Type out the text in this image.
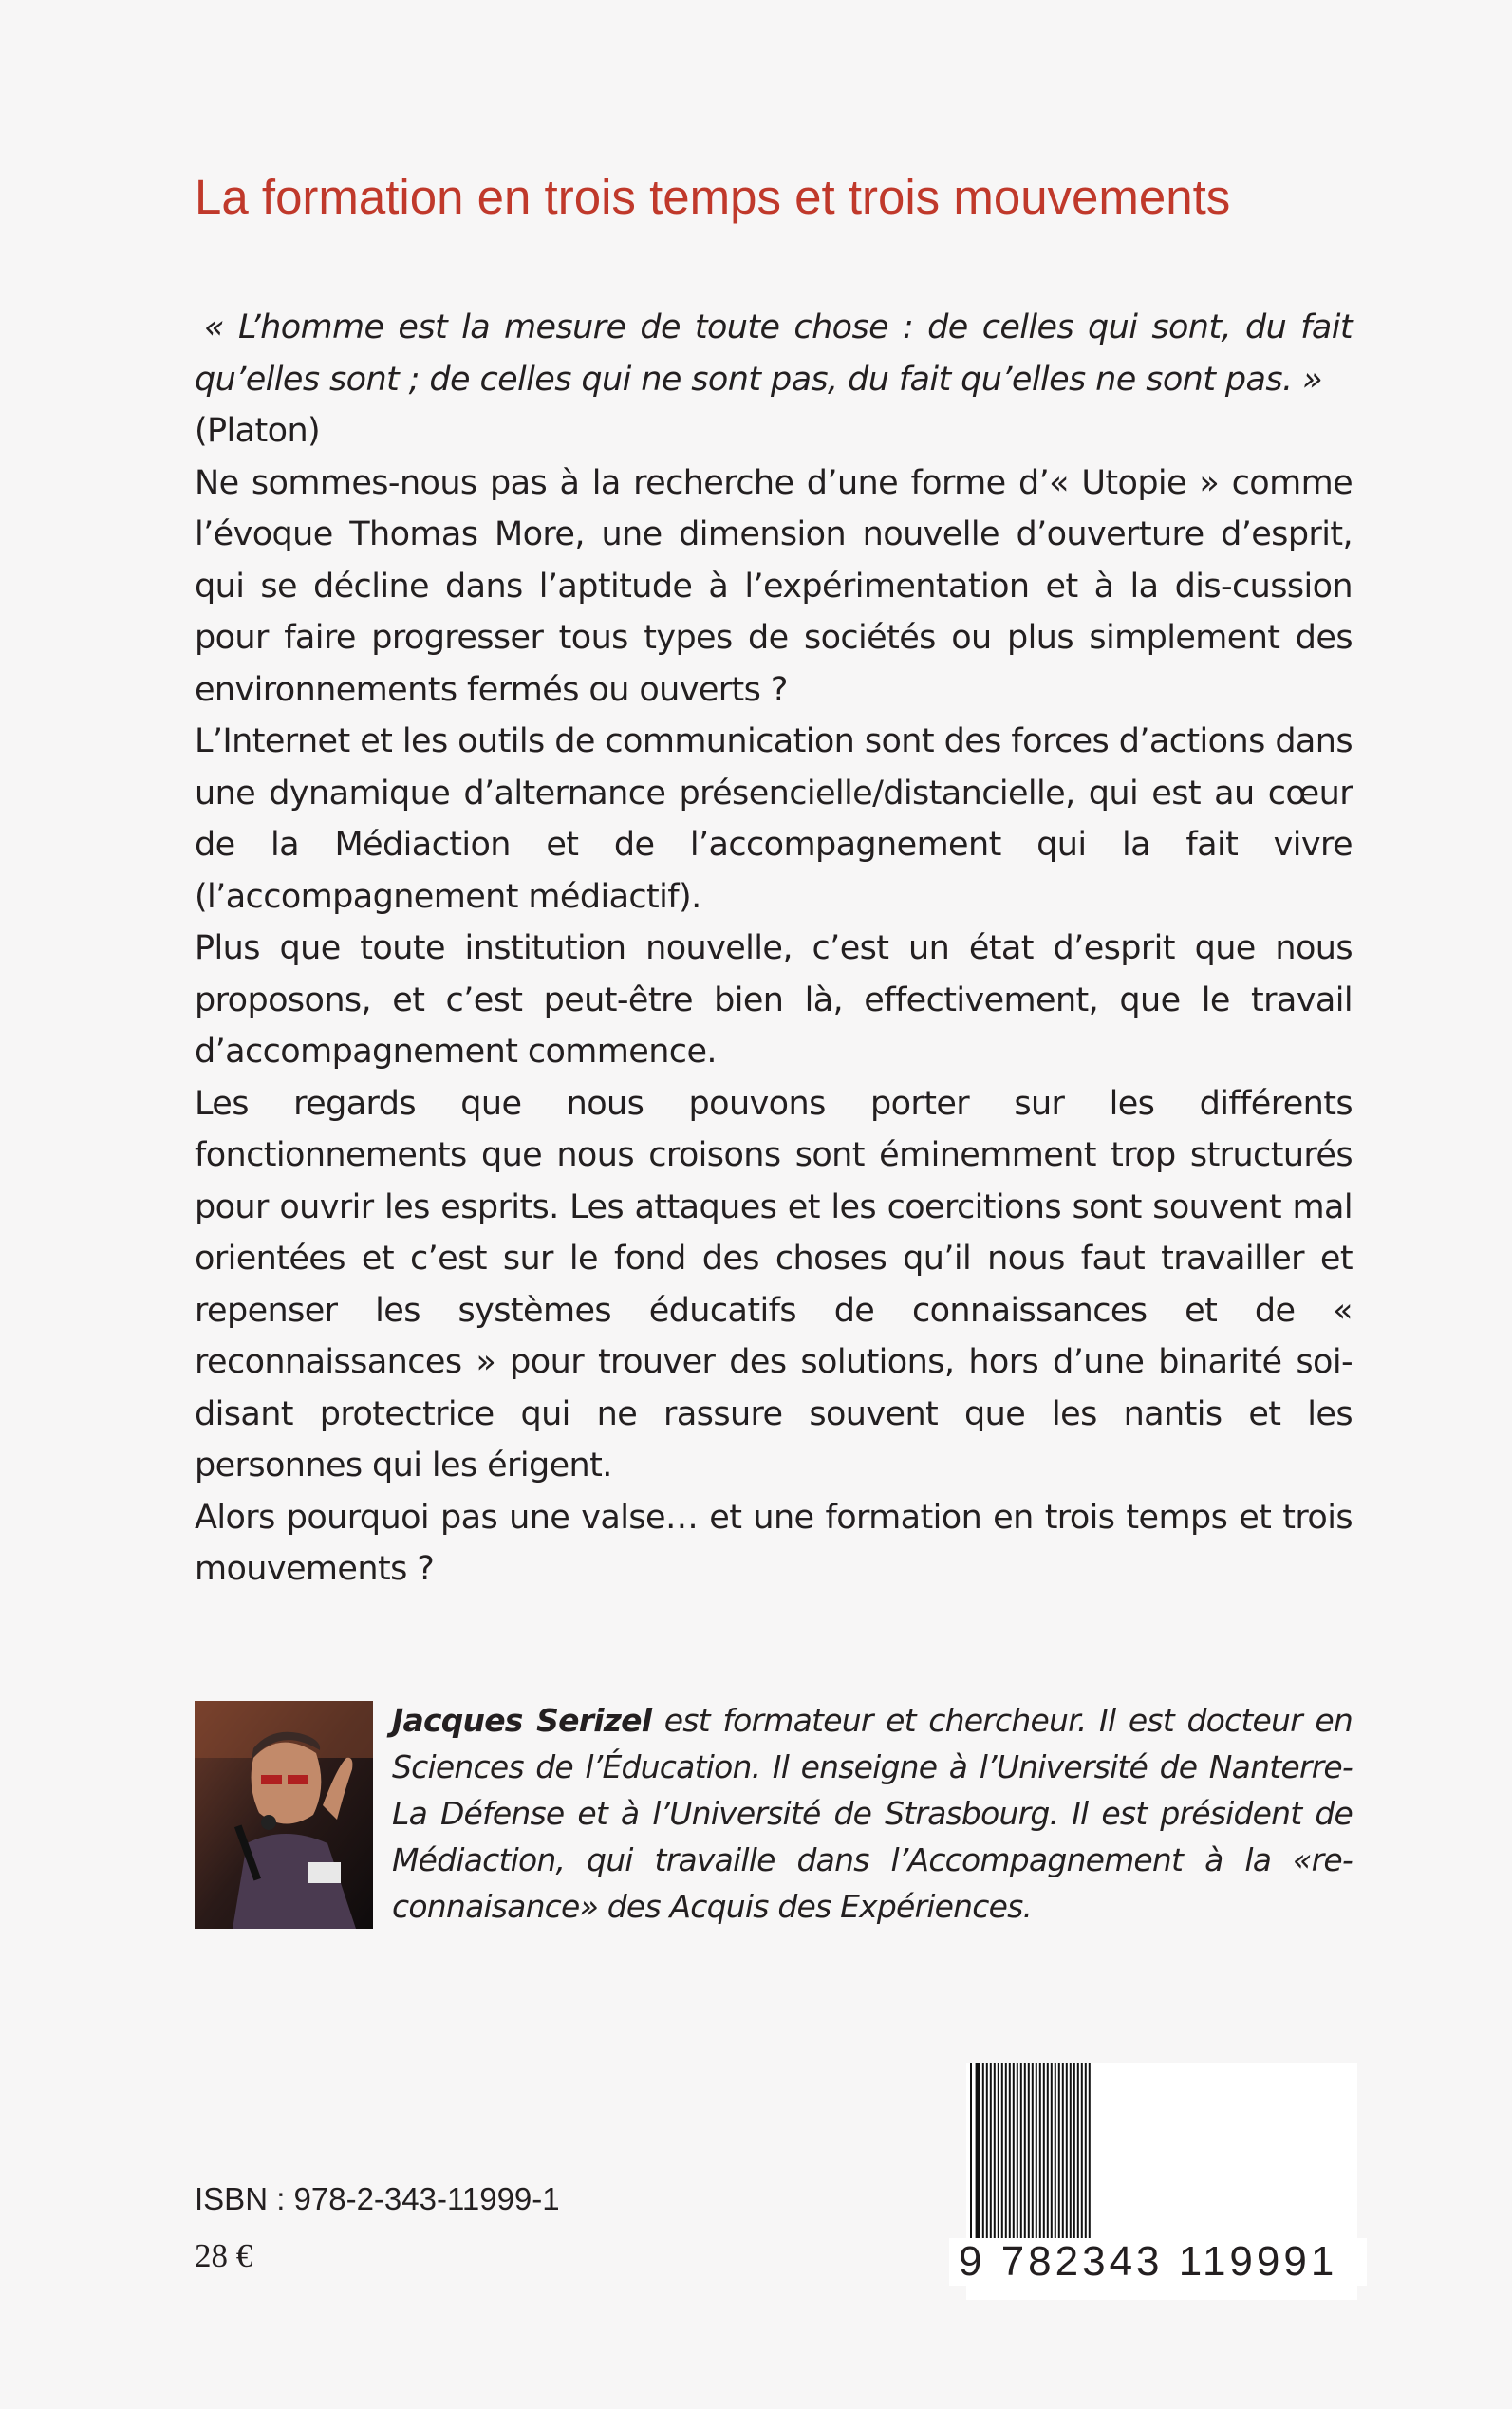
La formation en trois temps et trois mouvements

« L’homme est la mesure de toute chose : de celles qui sont, du fait qu’elles sont ; de celles qui ne sont pas, du fait qu’elles ne sont pas. »

(Platon)

Ne sommes-nous pas à la recherche d’une forme d’« Utopie » comme l’évoque Thomas More, une dimension nouvelle d’ouverture d’esprit, qui se décline dans l’aptitude à l’expérimentation et à la dis-cussion pour faire progresser tous types de sociétés ou plus simplement des environnements fermés ou ouverts ?

L’Internet et les outils de communication sont des forces d’actions dans une dynamique d’alternance présencielle/distancielle, qui est au cœur de la Médiaction et de l’accompagnement qui la fait vivre (l’accompagnement médiactif).

Plus que toute institution nouvelle, c’est un état d’esprit que nous proposons, et c’est peut-être bien là, effectivement, que le travail d’accompagnement commence.

Les regards que nous pouvons porter sur les différents fonctionnements que nous croisons sont éminemment trop structurés pour ouvrir les esprits. Les attaques et les coercitions sont souvent mal orientées et c’est sur le fond des choses qu’il nous faut travailler et repenser les systèmes éducatifs de connaissances et de « reconnaissances » pour trouver des solutions, hors d’une binarité soi-disant protectrice qui ne rassure souvent que les nantis et les personnes qui les érigent.

Alors pourquoi pas une valse… et une formation en trois temps et trois mouvements ?

Jacques Serizel est formateur et chercheur. Il est docteur en Sciences de l’Éducation. Il enseigne à l’Université de Nanterre-La Défense et à l’Université de Strasbourg. Il est président de Médiaction, qui travaille dans l’Accompagnement à la «re-connaisance» des Acquis des Expériences.
ISBN : 978-2-343-11999-1
28 €	9 782343 119991
